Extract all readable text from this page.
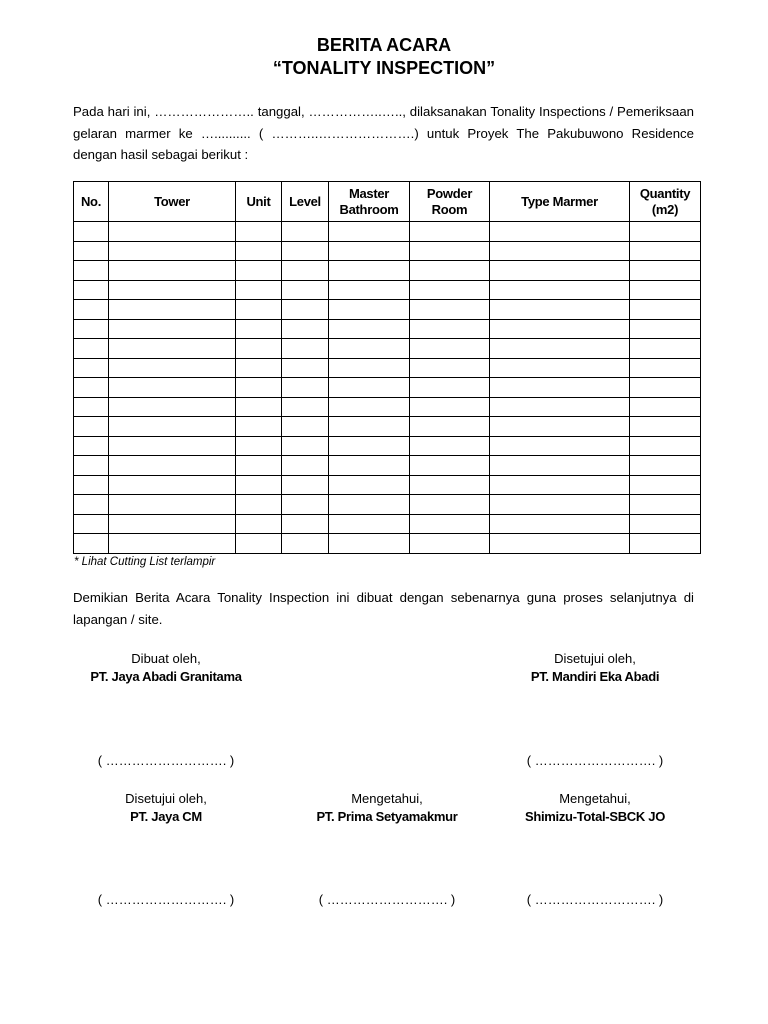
BERITA ACARA
“TONALITY INSPECTION”
Pada hari ini, ………………….. tanggal, ……………..….., dilaksanakan Tonality Inspections / Pemeriksaan gelaran marmer ke ….......... ( ………..………………….) untuk Proyek The Pakubuwono Residence dengan hasil sebagai berikut :
No.	Tower	Unit	Level	Master Bathroom	Powder Room	Type Marmer	Quantity (m2)

* Lihat Cutting List terlampir
Demikian Berita Acara Tonality Inspection ini dibuat dengan sebenarnya guna proses selanjutnya di lapangan / site.
Dibuat oleh,
PT. Jaya Abadi Granitama
Disetujui oleh,
PT. Mandiri Eka Abadi
( ………………………. )	( ………………………. )
Disetujui oleh,
PT. Jaya CM
Mengetahui,
PT. Prima Setyamakmur
Mengetahui,
Shimizu-Total-SBCK JO
( ………………………. )	( ………………………. )	( ………………………. )
